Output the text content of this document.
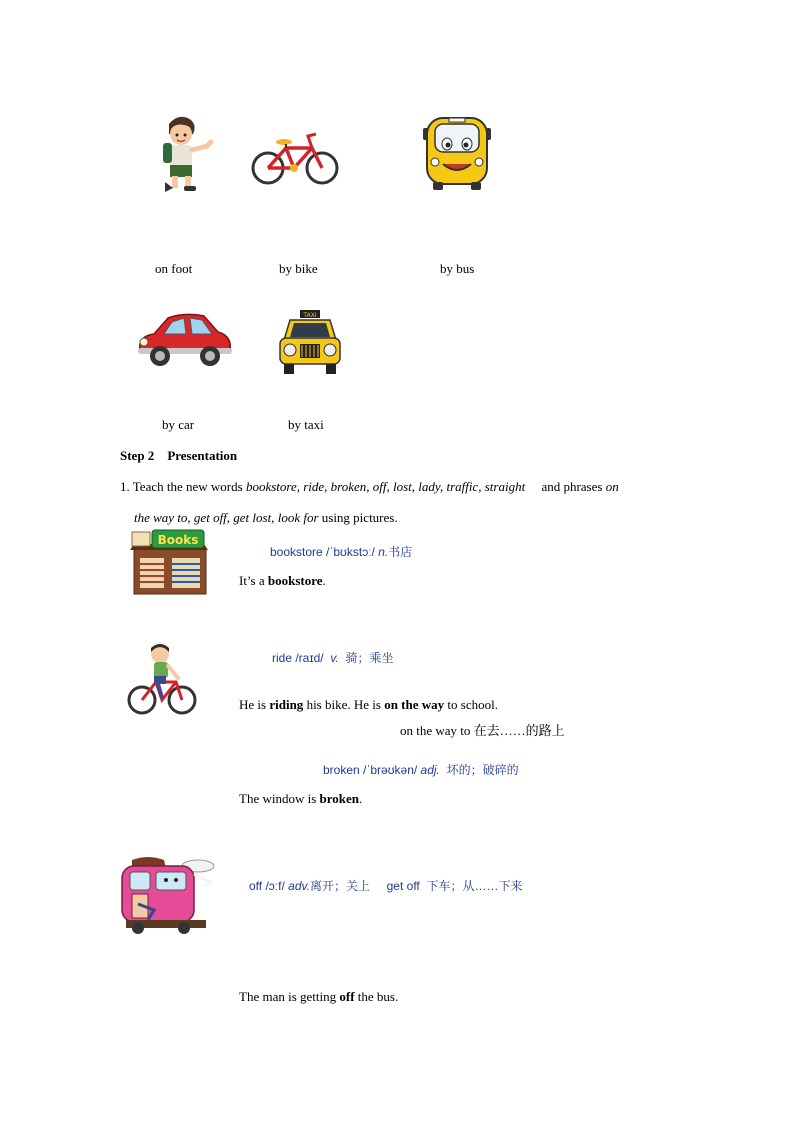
on foot	by bike	by bus
TAXI
by car	by taxi
Step 2 Presentation
1. Teach the new words bookstore, ride, broken, off, lost, lady, traffic, straight and phrases on
the way to, get off, get lost, look for using pictures.
Books
bookstore /ˈbʊkstɔː/ n.书店
It’s a bookstore.
ride /raɪd/ v. 骑；乘坐
He is riding his bike. He is on the way to school.
on the way to 在去……的路上
broken /ˈbrəʊkən/ adj. 坏的；破碎的
The window is broken.
off /ɔːf/ adv.离开；关上 get off 下车；从……下来
The man is getting off the bus.
